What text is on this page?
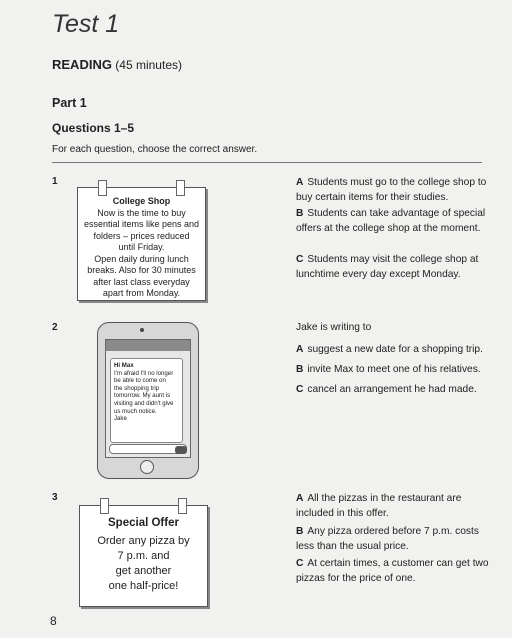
Test 1
READING (45 minutes)
Part 1
Questions 1–5
For each question, choose the correct answer.
1
College Shop
Now is the time to buy
essential items like pens and
folders – prices reduced
until Friday.
Open daily during lunch
breaks. Also for 30 minutes
after last class everyday
apart from Monday.
A Students must go to the college shop to buy certain items for their studies.
B Students can take advantage of special offers at the college shop at the moment.
C Students may visit the college shop at lunchtime every day except Monday.
2
Hi Max
I'm afraid I'll no longer
be able to come on
the shopping trip
tomorrow. My aunt is
visiting and didn't give
us much notice.
Jake
Jake is writing to
A suggest a new date for a shopping trip.
B invite Max to meet one of his relatives.
C cancel an arrangement he had made.
3
Special Offer
Order any pizza by
7 p.m. and
get another
one half-price!
A All the pizzas in the restaurant are included in this offer.
B Any pizza ordered before 7 p.m. costs less than the usual price.
C At certain times, a customer can get two pizzas for the price of one.
8
